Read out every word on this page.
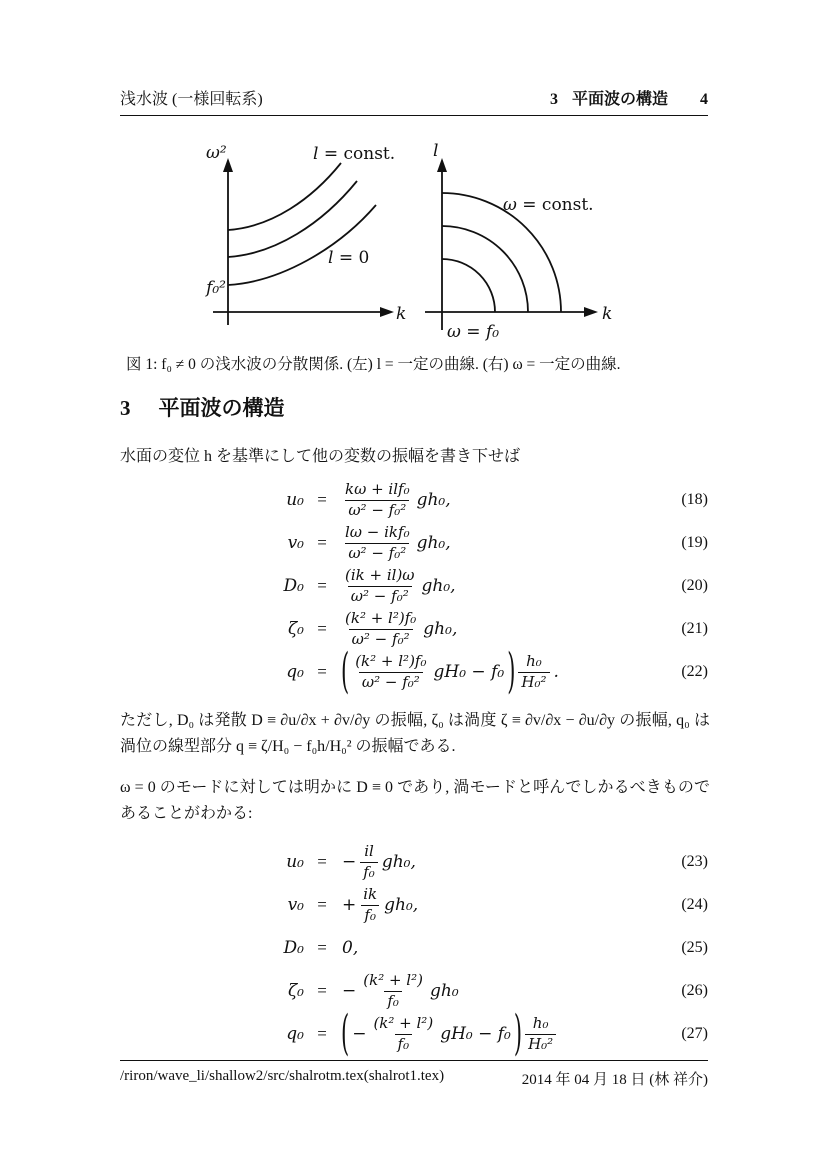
浅水波 (一様回転系)	3 平面波の構造 4
ω²
f₀²
k
l = const.
l = 0
l
k
ω = const.
ω = f₀
図 1: f₀ ≠ 0 の浅水波の分散関係. (左) l = 一定の曲線. (右) ω = 一定の曲線.
3 平面波の構造
水面の変位 h を基準にして他の変数の振幅を書き下せば
u₀ =	$\frac{\text{kω + ilf₀}}{\text{ω² − f₀²}} gh_0$,	(18)
v₀ =	$\frac{\text{lω − ikf₀}}{\text{ω² − f₀²}} gh_0$,	(19)
D₀ =	$\frac{(ik + il)\omega}{\text{ω² − f₀²}} gh_0$,	(20)
ζ₀ =	$\frac{\text{(k² + l²)f₀}}{\text{ω² − f₀²}} gh_0$,	(21)
q₀ = ( $\frac{\text{(k² + l²)f₀}}{\text{ω² − f₀²}} gH_0 - f_0$ ) $\frac{\text{h₀}}{\text{H₀²}}$ .	(22)
ただし, D₀ は発散 D ≡ ∂u/∂x + ∂v/∂y の振幅, ζ₀ は渦度 ζ ≡ ∂v/∂x − ∂u/∂y の振幅, q₀ は渦位の線型部分 q ≡ ζ/H₀ − f₀h/H₀² の振幅である.
ω = 0 のモードに対しては明かに D ≡ 0 であり, 渦モードと呼んでしかるべきものであることがわかる:
u₀ = − $\frac{il}{\text{f₀}} gh_0$,	(23)
v₀ = + $\frac{ik}{\text{f₀}} gh_0$,	(24)
D₀ = 0,	(25)
ζ₀ = − $\frac{\text{(k² + l²)}}{\text{f₀}} gh_0$	(26)
q₀ = ( − $\frac{\text{(k² + l²)}}{\text{f₀}} gH_0 - f_0$ ) $\frac{\text{h₀}}{\text{H₀²}}$	(27)
/riron/wave_li/shallow2/src/shalrotm.tex(shalrot1.tex)	2014 年 04 月 18 日 (林 祥介)
